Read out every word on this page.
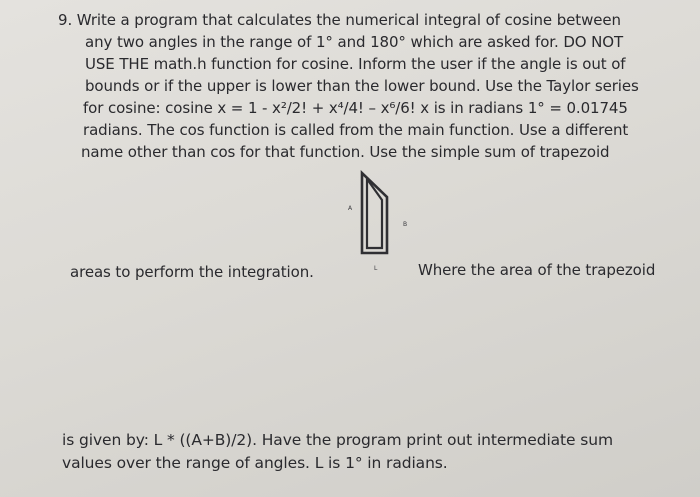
9. Write a program that calculates the numerical integral of cosine between
any two angles in the range of 1° and 180° which are asked for. DO NOT
USE THE math.h function for cosine. Inform the user if the angle is out of
bounds or if the upper is lower than the lower bound. Use the Taylor series
for cosine: cosine x = 1 - x²/2! + x⁴/4! – x⁶/6! x is in radians 1° = 0.01745
radians. The cos function is called from the main function. Use a different
name other than cos for that function. Use the simple sum of trapezoid
areas to perform the integration.	Where the area of the trapezoid
is given by: L * ((A+B)/2). Have the program print out intermediate sum
values over the range of angles. L is 1° in radians.
A
B
L
